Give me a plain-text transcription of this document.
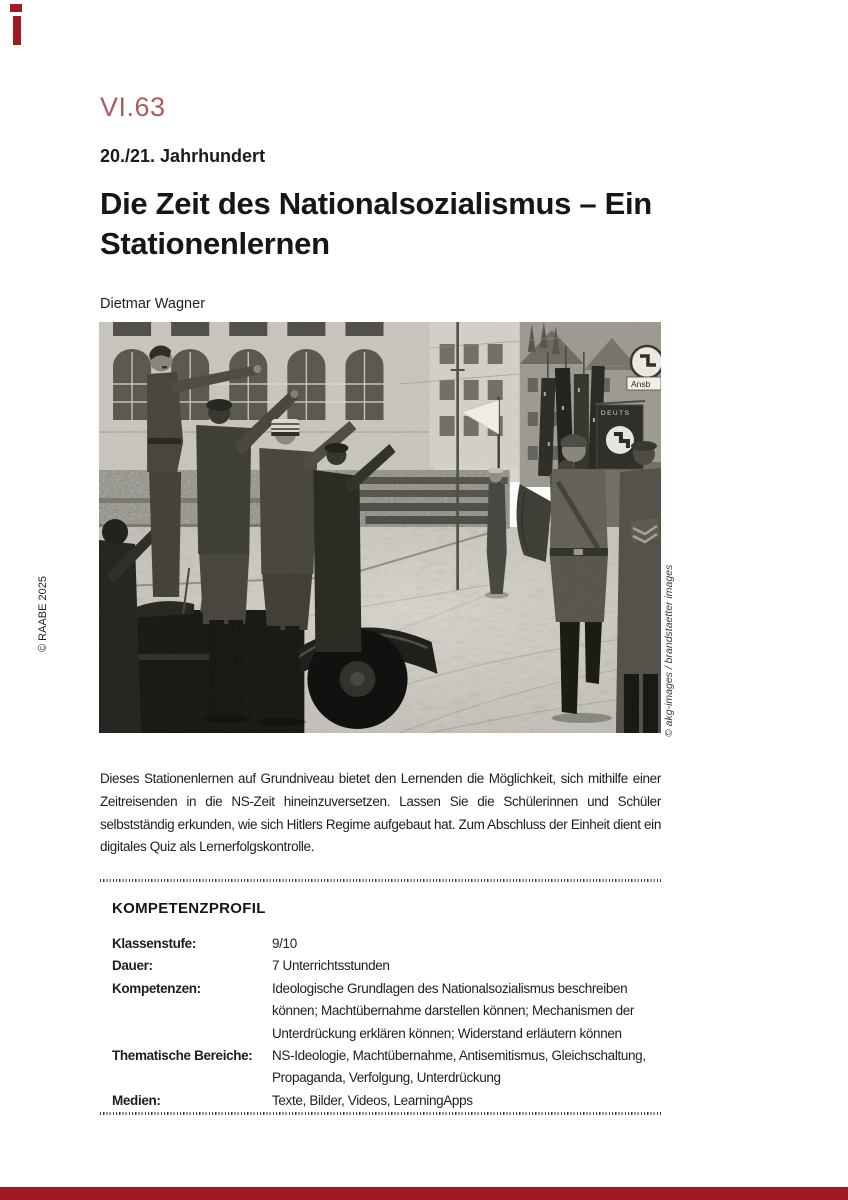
VI.63
20./21. Jahrhundert
Die Zeit des Nationalsozialismus – Ein
Stationenlernen
Dietmar Wagner
© RAABE 2025
DEUTS
Ansb
© akg-images / brandstaetter images

Dieses Stationenlernen auf Grundniveau bietet den Lernenden die Möglichkeit, sich mithilfe einer Zeitreisenden in die NS-Zeit hineinzuversetzen. Lassen Sie die Schülerinnen und Schüler selbstständig erkunden, wie sich Hitlers Regime aufgebaut hat. Zum Abschluss der Einheit dient ein digitales Quiz als Lernerfolgskontrolle.

KOMPETENZPROFIL
Klassenstufe:	9/10
Dauer:	7 Unterrichtsstunden
Kompetenzen:	Ideologische Grundlagen des Nationalsozialismus beschreiben können; Machtübernahme darstellen können; Mechanismen der Unterdrückung erklären können; Widerstand erläutern können
Thematische Bereiche:	NS-Ideologie, Machtübernahme, Antisemitismus, Gleichschaltung, Propaganda, Verfolgung, Unterdrückung
Medien:	Texte, Bilder, Videos, LearningApps
